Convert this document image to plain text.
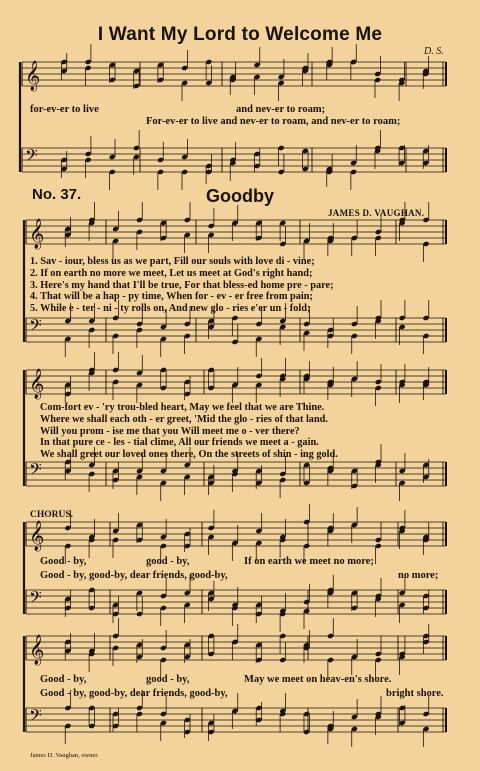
𝄞
𝄢
𝄞
𝄢
𝄞
𝄢
𝄞
𝄢
𝄞
𝄢
I Want My Lord to Welcome Me
D. S.
for-ev-er to live	and nev-er to roam;
For-ev-er to live and nev-er to roam, and nev-er to roam;
No. 37.	Goodby
JAMES D. VAUGHAN.
1. Sav - iour, bless us as we part, Fill our souls with love di - vine;
2. If on earth no more we meet, Let us meet at God's right hand;
3. Here's my hand that I'll be true, For that bless-ed home pre - pare;
4. That will be a hap - py time, When for - ev - er free from pain;
5. While e - ter - ni - ty rolls on, And new glo - ries e'er un - fold;
Com-fort ev - 'ry trou-bled heart, May we feel that we are Thine.
Where we shall each oth - er greet, 'Mid the glo - ries of that land.
Will you prom - ise me that you Will meet me o - ver there?
In that pure ce - les - tial clime, All our friends we meet a - gain.
We shall greet our loved ones there, On the streets of shin - ing gold.
CHORUS.
Good - by,	good - by,	If on earth we meet no more;
Good - by, good-by, dear friends, good-by,	no more;
Good - by,	good - by,	May we meet on heav-en's shore.
Good - by, good-by, dear friends, good-by,	bright shore.
James D. Vaughan, owner.
